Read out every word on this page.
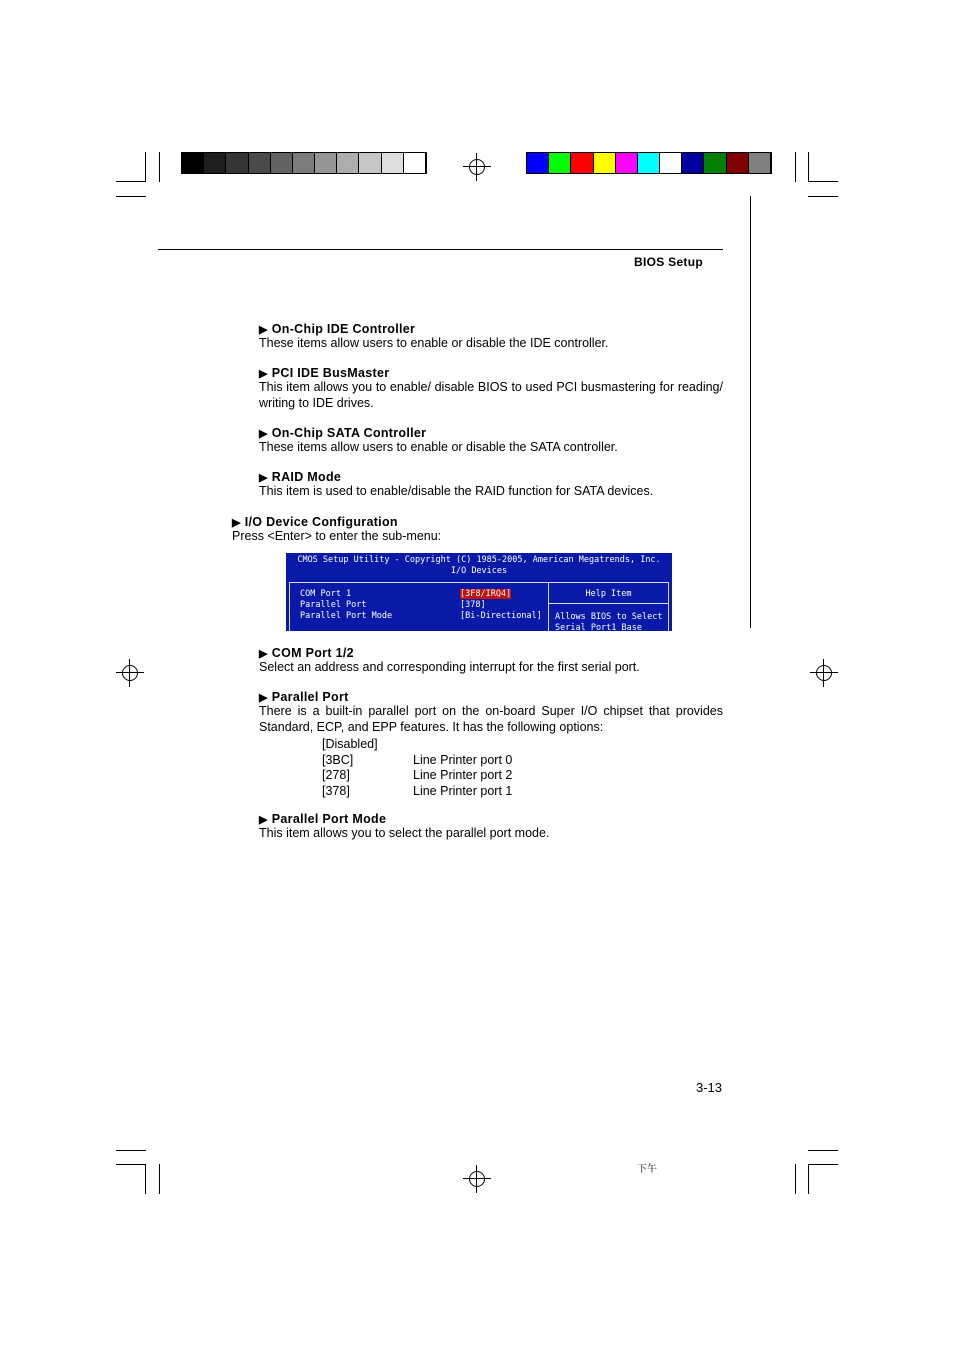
BIOS Setup
▶ On-Chip IDE Controller
These items allow users to enable or disable the IDE controller.
▶ PCI IDE BusMaster
This item allows you to enable/ disable BIOS to used PCI busmastering for reading/ writing to IDE drives.
▶ On-Chip SATA Controller
These items allow users to enable or disable the SATA controller.
▶ RAID Mode
This item is used to enable/disable the RAID function for SATA devices.
▶ I/O Device Configuration
Press <Enter> to enter the sub-menu:
CMOS Setup Utility - Copyright (C) 1985-2005, American Megatrends, Inc.
I/O Devices
COM Port 1	[3F8/IRQ4]
Parallel Port	[378]
Parallel Port Mode	[Bi-Directional]
Help Item
Allows BIOS to Select
Serial Port1 Base
▶ COM Port 1/2
Select an address and corresponding interrupt for the first serial port.
▶ Parallel Port
There is a built-in parallel port on the on-board Super I/O chipset that provides Standard, ECP, and EPP features. It has the following options:
[Disabled]
[3BC]	Line Printer port 0
[278]	Line Printer port 2
[378]	Line Printer port 1
▶ Parallel Port Mode
This item allows you to select the parallel port mode.
3-13
下午
